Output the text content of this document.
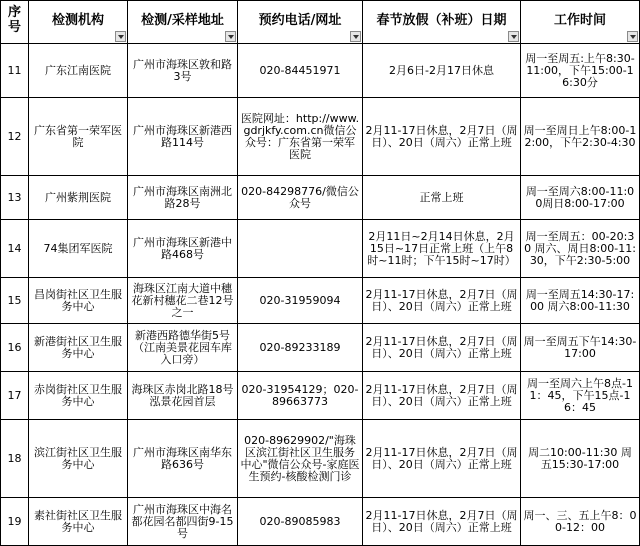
序号	检测机构	检测/采样地址	预约电话/网址	春节放假（补班）日期	工作时间

11	广东江南医院	广州市海珠区敦和路3号	020-84451971	2月6日-2月17日休息	周一至周五:上午8:30-11:00，下午15:00-16:30分
12	广东省第一荣军医院	广州市海珠区新港西路114号	医院网址：http://www.gdrjkfy.com.cn微信公众号：广东省第一荣军医院	2月11-17日休息，2月7日（周日）、20日（周六）正常上班	周一至周日上午8:00-12:00，下午2:30-4:30
13	广州紫荆医院	广州市海珠区南洲北路28号	020-84298776/微信公众号	正常上班	周一至周六8:00-11:00周日8:00-17:00
14	74集团军医院	广州市海珠区新港中路468号		2月11日~2月14日休息，2月15日~17日正常上班（上午8时~11时；下午15时~17时）	周一至周五：00-20:30 周六、周日8:00-11:30，下午2:30-5:00
15	昌岗街社区卫生服务中心	海珠区江南大道中穗花新村穗花二巷12号之一	020-31959094	2月11-17日休息，2月7日（周日）、20日（周六）正常上班	周一至周五14:30-17:00 周六8:00-11:30
16	新港街社区卫生服务中心	新港西路德华街5号（江南美景花园车库入口旁）	020-89233189	2月11-17日休息，2月7日（周日）、20日（周六）正常上班	周一至周五下午14:30-17:00
17	赤岗街社区卫生服务中心	海珠区赤岗北路18号泓景花园首层	020-31954129；020-89663773	2月11-17日休息，2月7日（周日）、20日（周六）正常上班	周一至周六上午8点-11：45，下午15点-16：45
18	滨江街社区卫生服务中心	广州市海珠区南华东路636号	020-89629902/"海珠区滨江街社区卫生服务中心"微信公众号-家庭医生预约-核酸检测门诊	2月11-17日休息，2月7日（周日）、20日（周六）正常上班	周二10:00-11:30 周五15:30-17:00
19	素社街社区卫生服务中心	广州市海珠区中海名都花园名都四街9-15号	020-89085983	2月11-17日休息，2月7日（周日）、20日（周六）正常上班	周一、三、五上午8：00-12：00
